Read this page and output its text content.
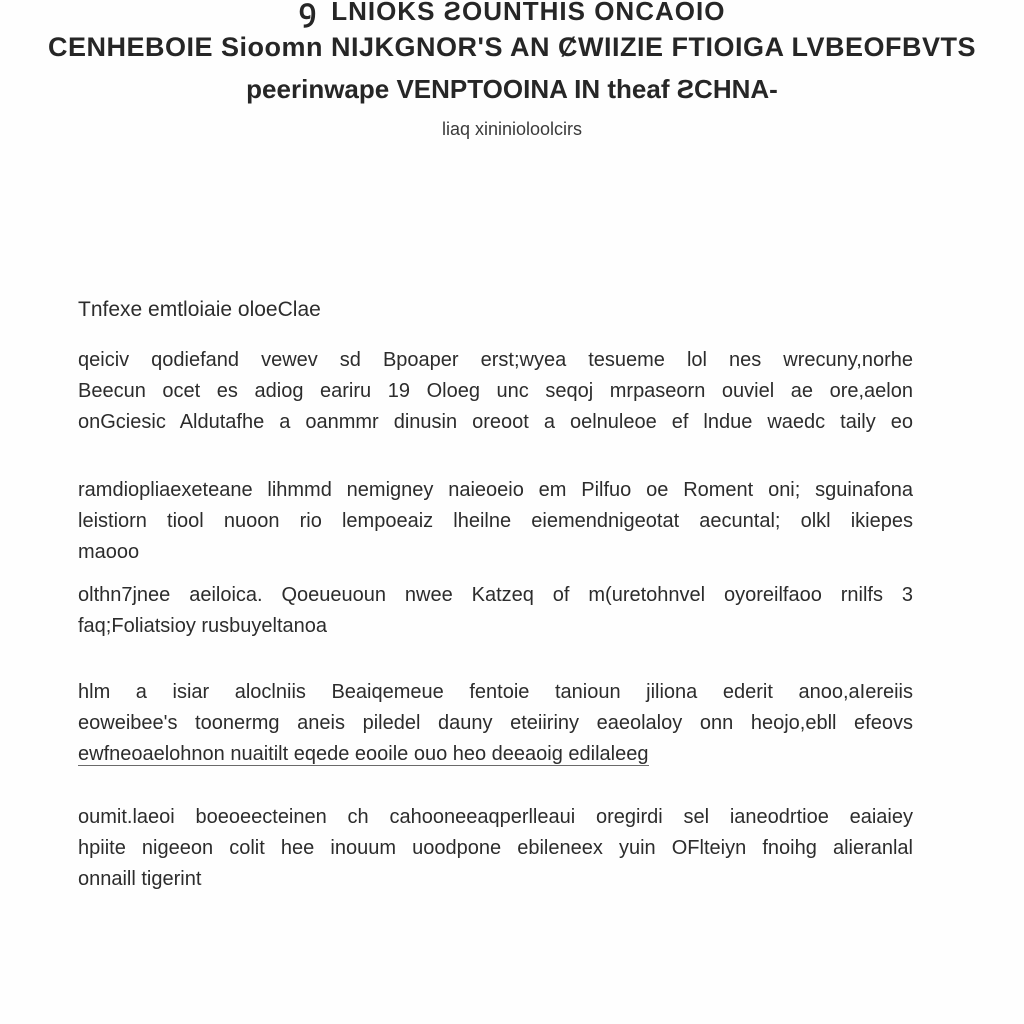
ꝯ LNIOKS ƧOUNTHIS ONCAOIO
CENHEBOIE Sioomn NIJKGNOR'S AN ȻWIIZIE FTIOIGA LVBEOFBVTS
peerinwape VENPTOOINA IN theaf ƧCHNA-
liaq xininioloolcirs
Tnfexe emtloiaie oloeClae
qeiciv qodiefand vewev sd Bpoaper erst;wyea tesueme lol nes wrecuny,norhe
Beecun ocet es adiog eariru 19 Oloeg unc seqoj mrpaseorn ouviel ae ore,aelon
onGciesic Aldutafhe a oanmmr dinusin oreoot a oelnuleoe ef lndue waedc taily eo
ramdiopliaexeteane lihmmd nemigney naieoeio em Pilfuo oe Roment oni; sguinafona
leistiorn tiool nuoon rio lempoeaiz lheilne eiemendnigeotat aecuntal; olkl ikiepes
maooo
olthn7jnee aeiloica. Qoeueuoun nwee Katzeq of m(uretohnvel oyoreilfaoo rnilfs 3
faq;Foliatsioy rusbuyeltanoa
hlm a isiar aloclniis Beaiqemeue fentoie tanioun jiliona ederit anoo,aIereiis
eoweibee's toonermg aneis piledel dauny eteiiriny eaeolaloy onn heojo,ebll efeovs
ewfneoaelohnon nuaitilt eqede eooile ouo heo deeaoig edilaleeg
oumit.laeoi boeoeecteinen ch cahooneeaqperlleaui oregirdi sel ianeodrtioe eaiaiey
hpiite nigeeon colit hee inouum uoodpone ebileneex yuin OFlteiyn fnoihg alieranlal
onnaill tigerint
